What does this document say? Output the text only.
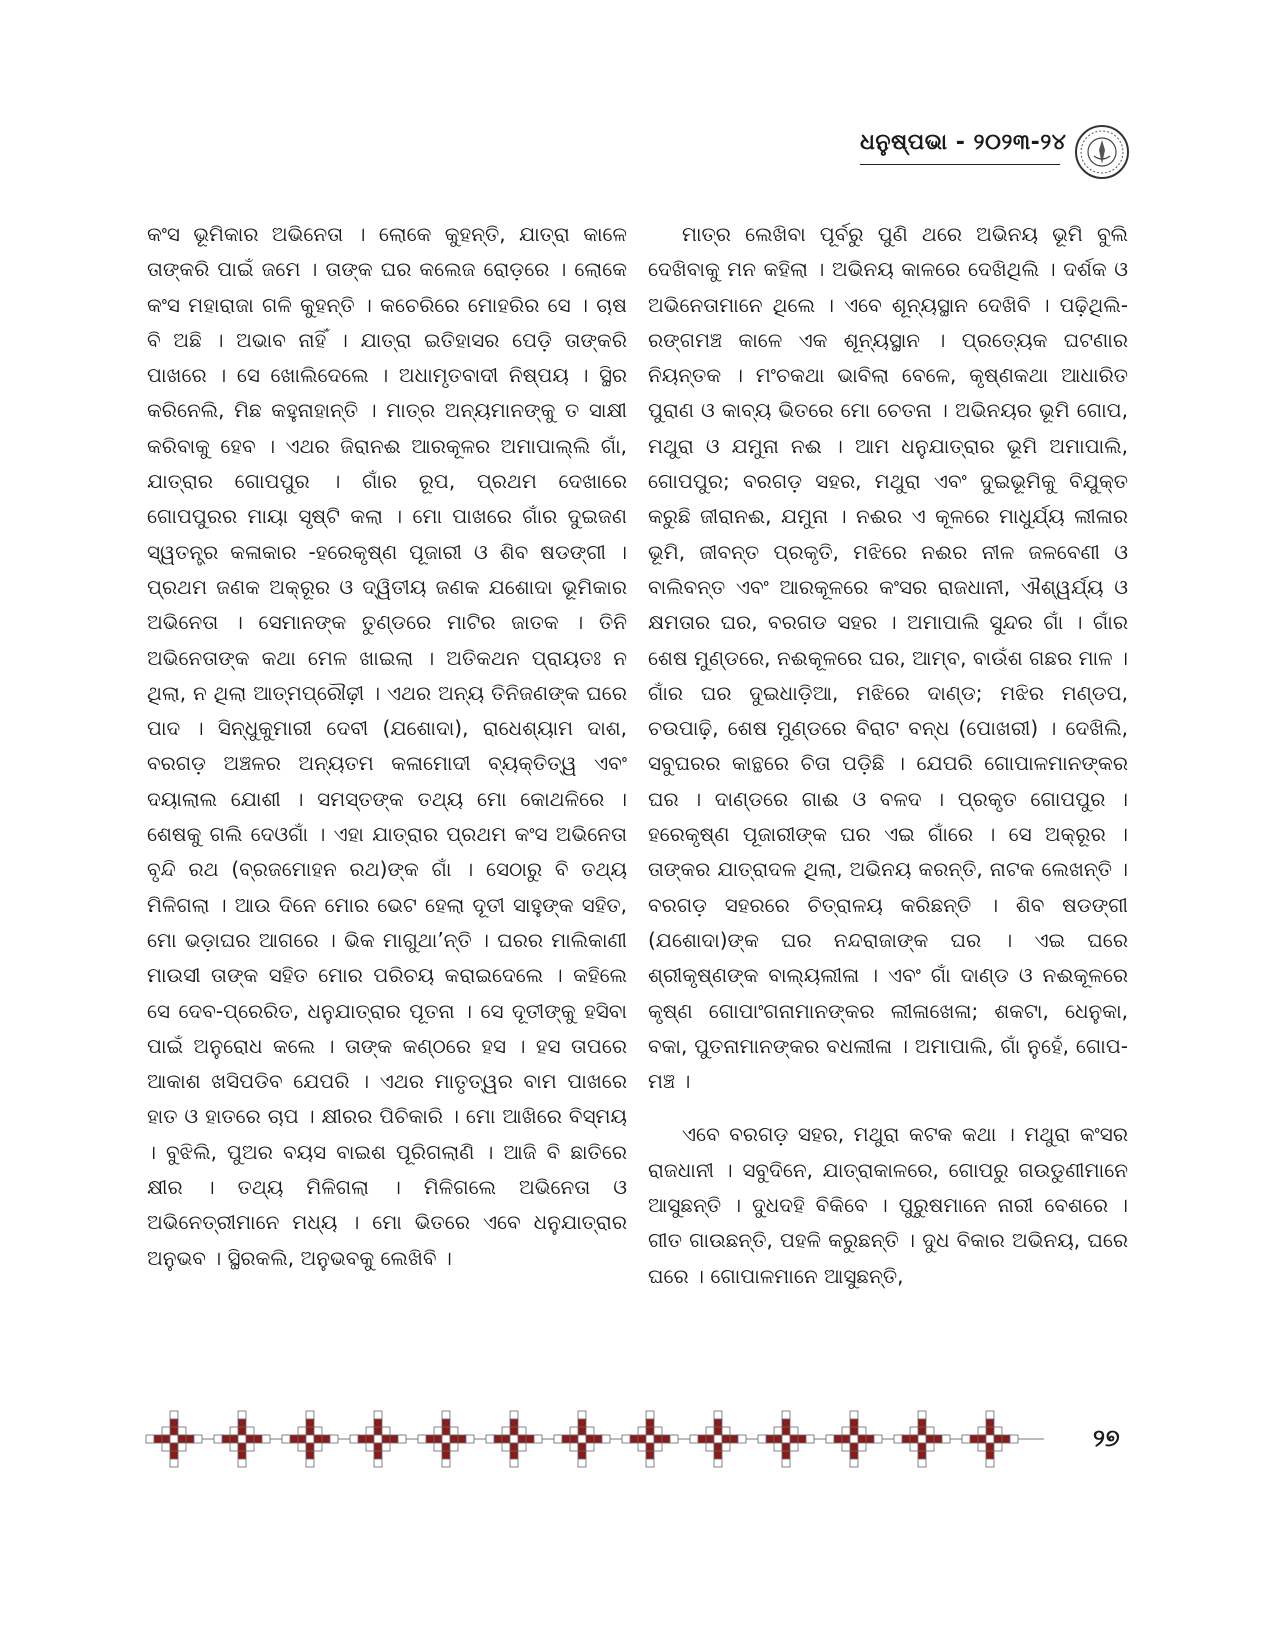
ଧନୁଷ୍ପଭା - ୨୦୨୩-୨୪

କଂସ ଭୂମିକାର ଅଭିନେତା । ଲୋକେ କୁହନ୍ତି, ଯାତ୍ରା କାଳେ ତାଙ୍କରି ପାଇଁ ଜମେ । ତାଙ୍କ ଘର କଲେଜ ରୋଡ଼ରେ । ଲୋକେ କଂସ ମହାରାଜା ଗଳି କୁହନ୍ତି । କଚେରିରେ ମୋହରିର ସେ । ଚାଷ ବି ଅଛି । ଅଭାବ ନାହିଁ । ଯାତ୍ରା ଇତିହାସର ପେଡ଼ି ତାଙ୍କରି ପାଖରେ । ସେ ଖୋଲିଦେଲେ । ଅଧାମୃତବାଦୀ ନିଷ୍ପୟ । ସ୍ଥିର କରିନେଲି, ମିଛ କହୁନାହାନ୍ତି । ମାତ୍ର ଅନ୍ୟମାନଙ୍କୁ ତ ସାକ୍ଷୀ କରିବାକୁ ହେବ । ଏଥର ଜିରାନଈ ଆରକୂଳର ଅମାପାଲ୍ଲି ଗାଁ, ଯାତ୍ରାର ଗୋପପୁର । ଗାଁର ରୂପ, ପ୍ରଥମ ଦେଖାରେ ଗୋପପୁରର ମାୟା ସୃଷ୍ଟି କଲା । ମୋ ପାଖରେ ଗାଁର ଦୁଇଜଣ ସ୍ୱତନ୍ତ୍ର କଳାକାର -ହରେକୃଷ୍ଣ ପୂଜାରୀ ଓ ଶିବ ଷଡଙ୍ଗୀ । ପ୍ରଥମ ଜଣକ ଅକ୍ରୂର ଓ ଦ୍ୱିତୀୟ ଜଣକ ଯଶୋଦା ଭୂମିକାର ଅଭିନେତା । ସେମାନଙ୍କ ତୁଣ୍ଡରେ ମାଟିର ଜାତକ । ତିନି ଅଭିନେତାଙ୍କ କଥା ମେଳ ଖାଇଲା । ଅତିକଥନ ପ୍ରାୟତଃ ନ ଥିଲା, ନ ଥିଲା ଆତ୍ମପ୍ରୌଢ଼ୀ । ଏଥର ଅନ୍ୟ ତିନିଜଣଙ୍କ ଘରେ ପାଦ । ସିନ୍ଧୁକୁମାରୀ ଦେବୀ (ଯଶୋଦା), ରାଧେଶ୍ୟାମ ଦାଶ, ବରଗଡ଼ ଅଞ୍ଚଳର ଅନ୍ୟତମ କଳାମୋଦୀ ବ୍ୟକ୍ତିତ୍ୱ ଏବଂ ଦୟାଲାଲ ଯୋଶୀ । ସମସ୍ତଙ୍କ ତଥ୍ୟ ମୋ କୋଥଳିରେ । ଶେଷକୁ ଗଲି ଦେଓଗାଁ । ଏହା ଯାତ୍ରାର ପ୍ରଥମ କଂସ ଅଭିନେତା ବୃନ୍ଦି ରଥ (ବ୍ରଜମୋହନ ରଥ)ଙ୍କ ଗାଁ । ସେଠାରୁ ବି ତଥ୍ୟ ମିଳିଗଲା । ଆଉ ଦିନେ ମୋର ଭେଟ ହେଲା ଦୂତୀ ସାହୁଙ୍କ ସହିତ, ମୋ ଭଡ଼ାଘର ଆଗରେ । ଭିକ ମାଗୁଥା’ନ୍ତି । ଘରର ମାଲିକାଣୀ ମାଉସୀ ତାଙ୍କ ସହିତ ମୋର ପରିଚୟ କରାଇଦେଲେ । କହିଲେ ସେ ଦେବ-ପ୍ରେରିତ, ଧନୁଯାତ୍ରାର ପୂତନା । ସେ ଦୂତୀଙ୍କୁ ହସିବା ପାଇଁ ଅନୁରୋଧ କଲେ । ତାଙ୍କ କଣ୍ଠରେ ହସ । ହସ ତାପରେ ଆକାଶ ଖସିପଡିବ ଯେପରି । ଏଥର ମାତୃତ୍ୱର ବାମ ପାଖରେ ହାତ ଓ ହାତରେ ଚାପ । କ୍ଷୀରର ପିଚିକାରି । ମୋ ଆଖିରେ ବିସ୍ମୟ । ବୁଝିଲି, ପୁଅର ବୟସ ବାଇଶ ପୂରିଗଲାଣି । ଆଜି ବି ଛାତିରେ କ୍ଷୀର । ତଥ୍ୟ ମିଳିଗଲା । ମିଳିଗଲେ ଅଭିନେତା ଓ ଅଭିନେତ୍ରୀମାନେ ମଧ୍ୟ । ମୋ ଭିତରେ ଏବେ ଧନୁଯାତ୍ରାର ଅନୁଭବ । ସ୍ଥିରକଲି, ଅନୁଭବକୁ ଲେଖିବି ।

ମାତ୍ର ଲେଖିବା ପୂର୍ବରୁ ପୁଣି ଥରେ ଅଭିନୟ ଭୂମି ବୁଲି ଦେଖିବାକୁ ମନ କହିଲା । ଅଭିନୟ କାଳରେ ଦେଖିଥିଲି । ଦର୍ଶକ ଓ ଅଭିନେତାମାନେ ଥିଲେ । ଏବେ ଶୂନ୍ୟସ୍ଥାନ ଦେଖିବି । ପଢ଼ିଥିଲି-ରଙ୍ଗମଞ୍ଚ କାଳେ ଏକ ଶୂନ୍ୟସ୍ଥାନ । ପ୍ରତ୍ୟେକ ଘଟଣାର ନିୟନ୍ତକ । ମଂଚକଥା ଭାବିଲା ବେଳେ, କୃଷ୍ଣକଥା ଆଧାରିତ ପୁରାଣ ଓ କାବ୍ୟ ଭିତରେ ମୋ ଚେତନା । ଅଭିନୟର ଭୂମି ଗୋପ, ମଥୁରା ଓ ଯମୁନା ନଈ । ଆମ ଧନୁଯାତ୍ରାର ଭୂମି ଅମାପାଲି, ଗୋପପୁର; ବରଗଡ଼ ସହର, ମଥୁରା ଏବଂ ଦୁଇଭୂମିକୁ ବିଯୁକ୍ତ କରୁଛି ଜୀରାନଈ, ଯମୁନା । ନଈର ଏ କୂଳରେ ମାଧୁର୍ଯ୍ୟ ଲୀଳାର ଭୂମି, ଜୀବନ୍ତ ପ୍ରକୃତି, ମଝିରେ ନଈର ନୀଳ ଜଳବେଣୀ ଓ ବାଲିବନ୍ତ ଏବଂ ଆରକୂଳରେ କଂସର ରାଜଧାନୀ, ଐଶ୍ୱର୍ଯ୍ୟ ଓ କ୍ଷମତାର ଘର, ବରଗଡ ସହର । ଅମାପାଲି ସୁନ୍ଦର ଗାଁ । ଗାଁର ଶେଷ ମୁଣ୍ଡରେ, ନଈକୂଳରେ ଘର, ଆମ୍ବ, ବାଉଁଶ ଗଛର ମାଳ । ଗାଁର ଘର ଦୁଇଧାଡ଼ିଆ, ମଝିରେ ଦାଣ୍ଡ; ମଝିର ମଣ୍ଡପ, ଚଉପାଢ଼ି, ଶେଷ ମୁଣ୍ଡରେ ବିରାଟ ବନ୍ଧ (ପୋଖରୀ) । ଦେଖିଲି, ସବୁଘରର କାନ୍ଥରେ ଚିତା ପଡ଼ିଛି । ଯେପରି ଗୋପାଳମାନଙ୍କର ଘର । ଦାଣ୍ଡରେ ଗାଈ ଓ ବଳଦ । ପ୍ରକୃତ ଗୋପପୁର । ହରେକୃଷ୍ଣ ପୂଜାରୀଙ୍କ ଘର ଏଇ ଗାଁରେ । ସେ ଅକ୍ରୂର । ତାଙ୍କର ଯାତ୍ରାଦଳ ଥିଲା, ଅଭିନୟ କରନ୍ତି, ନାଟକ ଲେଖନ୍ତି । ବରଗଡ଼ ସହରରେ ଚିତ୍ରାଳୟ କରିଛନ୍ତି । ଶିବ ଷଡଙ୍ଗୀ (ଯଶୋଦା)ଙ୍କ ଘର ନନ୍ଦରାଜାଙ୍କ ଘର । ଏଇ ଘରେ ଶ୍ରୀକୃଷ୍ଣଙ୍କ ବାଲ୍ୟଲୀଳା । ଏବଂ ଗାଁ ଦାଣ୍ଡ ଓ ନଈକୂଳରେ କୃଷ୍ଣ ଗୋପାଂଗନାମାନଙ୍କର ଲୀଳାଖେଳା; ଶକଟା, ଧେନୁକା, ବକା, ପୁତନାମାନଙ୍କର ବଧଲୀଳା । ଅମାପାଲି, ଗାଁ ନୁହେଁ, ଗୋପ-ମଞ୍ଚ ।

ଏବେ ବରଗଡ଼ ସହର, ମଥୁରା କଟକ କଥା । ମଥୁରା କଂସର ରାଜଧାନୀ । ସବୁଦିନେ, ଯାତ୍ରାକାଳରେ, ଗୋପରୁ ଗଉଡୁଣୀମାନେ ଆସୁଛନ୍ତି । ଦୁଧଦହି ବିକିବେ । ପୁରୁଷମାନେ ନାରୀ ବେଶରେ । ଗୀତ ଗାଉଛନ୍ତି, ପହଳି କରୁଛନ୍ତି । ଦୁଧ ବିକାର ଅଭିନୟ, ଘରେ ଘରେ । ଗୋପାଳମାନେ ଆସୁଛନ୍ତି,

୨୭
